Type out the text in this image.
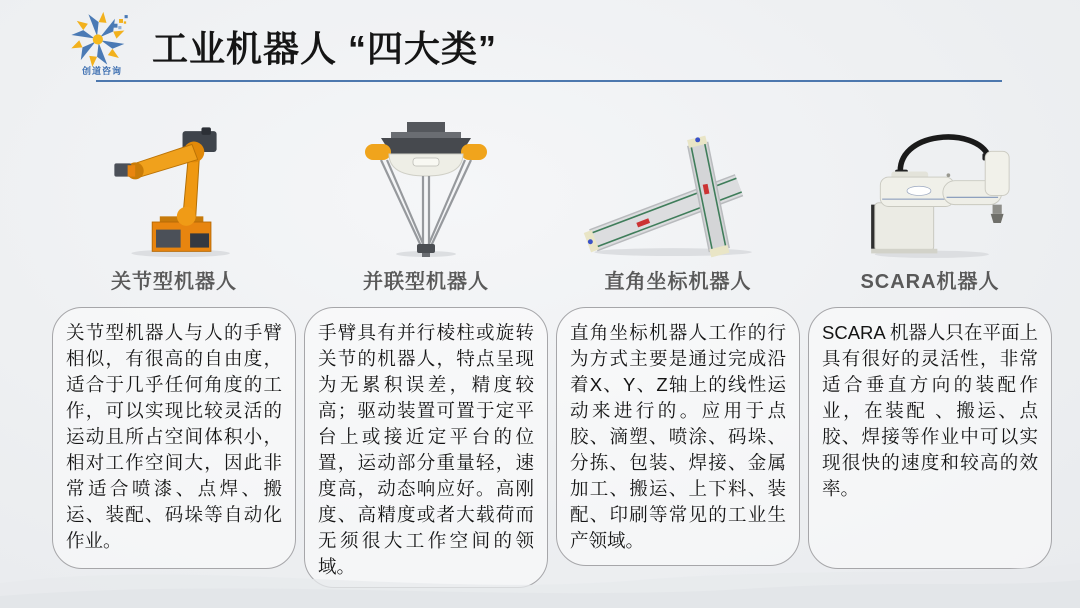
创道咨询
工业机器人 “四大类”
关节型机器人

关节型机器人与人的手臂相似，有很高的自由度，适合于几乎任何角度的工作，可以实现比较灵活的运动且所占空间体积小，相对工作空间大，因此非常适合喷漆、点焊、搬运、装配、码垛等自动化作业。

并联型机器人

手臂具有并行棱柱或旋转关节的机器人，特点呈现为无累积误差，精度较高；驱动装置可置于定平台上或接近定平台的位置，运动部分重量轻，速度高，动态响应好。高刚度、高精度或者大载荷而无须很大工作空间的领域。

直角坐标机器人

直角坐标机器人工作的行为方式主要是通过完成沿着X、Y、Z轴上的线性运动来进行的。应用于点胶、滴塑、喷涂、码垛、分拣、包装、焊接、金属加工、搬运、上下料、装配、印刷等常见的工业生产领域。

SCARA机器人

SCARA 机器人只在平面上具有很好的灵活性，非常适合垂直方向的装配作业，在装配 、搬运、点胶、焊接等作业中可以实现很快的速度和较高的效率。
